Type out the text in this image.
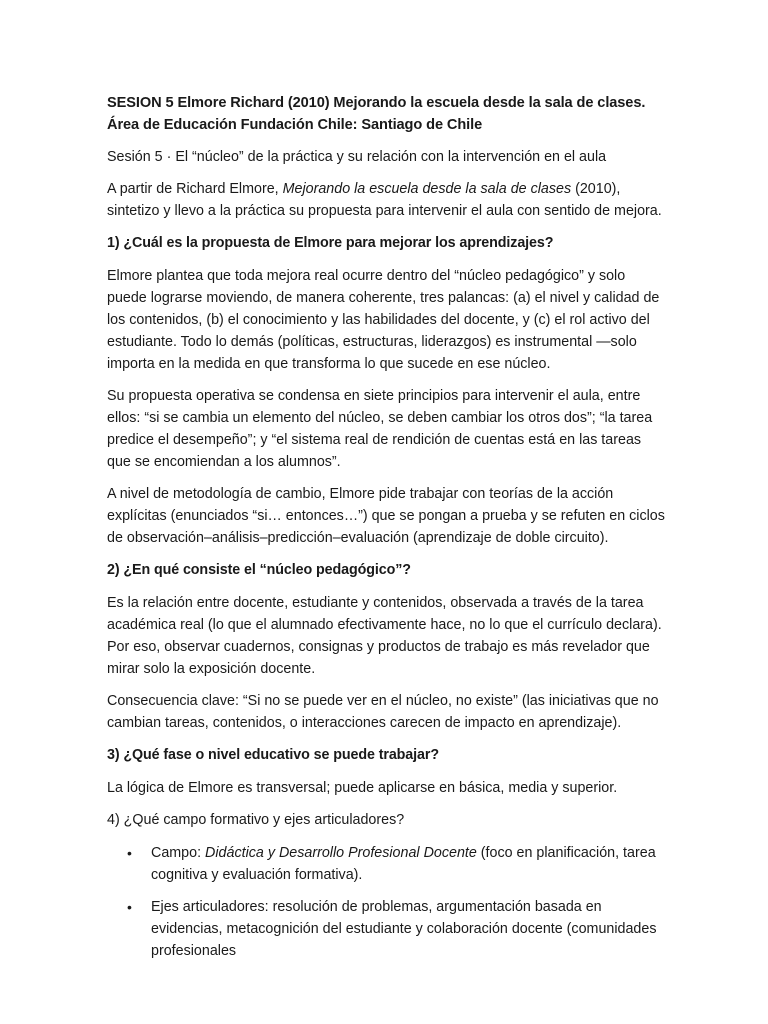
SESION 5 Elmore Richard (2010) Mejorando la escuela desde la sala de clases. Área de Educación Fundación Chile: Santiago de Chile

Sesión 5 · El “núcleo” de la práctica y su relación con la intervención en el aula

A partir de Richard Elmore, Mejorando la escuela desde la sala de clases (2010), sintetizo y llevo a la práctica su propuesta para intervenir el aula con sentido de mejora.

1) ¿Cuál es la propuesta de Elmore para mejorar los aprendizajes?

Elmore plantea que toda mejora real ocurre dentro del “núcleo pedagógico” y solo puede lograrse moviendo, de manera coherente, tres palancas: (a) el nivel y calidad de los contenidos, (b) el conocimiento y las habilidades del docente, y (c) el rol activo del estudiante. Todo lo demás (políticas, estructuras, liderazgos) es instrumental —solo importa en la medida en que transforma lo que sucede en ese núcleo.

Su propuesta operativa se condensa en siete principios para intervenir el aula, entre ellos: “si se cambia un elemento del núcleo, se deben cambiar los otros dos”; “la tarea predice el desempeño”; y “el sistema real de rendición de cuentas está en las tareas que se encomiendan a los alumnos”.

A nivel de metodología de cambio, Elmore pide trabajar con teorías de la acción explícitas (enunciados “si… entonces…”) que se pongan a prueba y se refuten en ciclos de observación–análisis–predicción–evaluación (aprendizaje de doble circuito).

2) ¿En qué consiste el “núcleo pedagógico”?

Es la relación entre docente, estudiante y contenidos, observada a través de la tarea académica real (lo que el alumnado efectivamente hace, no lo que el currículo declara). Por eso, observar cuadernos, consignas y productos de trabajo es más revelador que mirar solo la exposición docente.

Consecuencia clave: “Si no se puede ver en el núcleo, no existe” (las iniciativas que no cambian tareas, contenidos, o interacciones carecen de impacto en aprendizaje).

3) ¿Qué fase o nivel educativo se puede trabajar?

La lógica de Elmore es transversal; puede aplicarse en básica, media y superior.

4) ¿Qué campo formativo y ejes articuladores?
• Campo: Didáctica y Desarrollo Profesional Docente (foco en planificación, tarea cognitiva y evaluación formativa).
• Ejes articuladores: resolución de problemas, argumentación basada en evidencias, metacognición del estudiante y colaboración docente (comunidades profesionales
